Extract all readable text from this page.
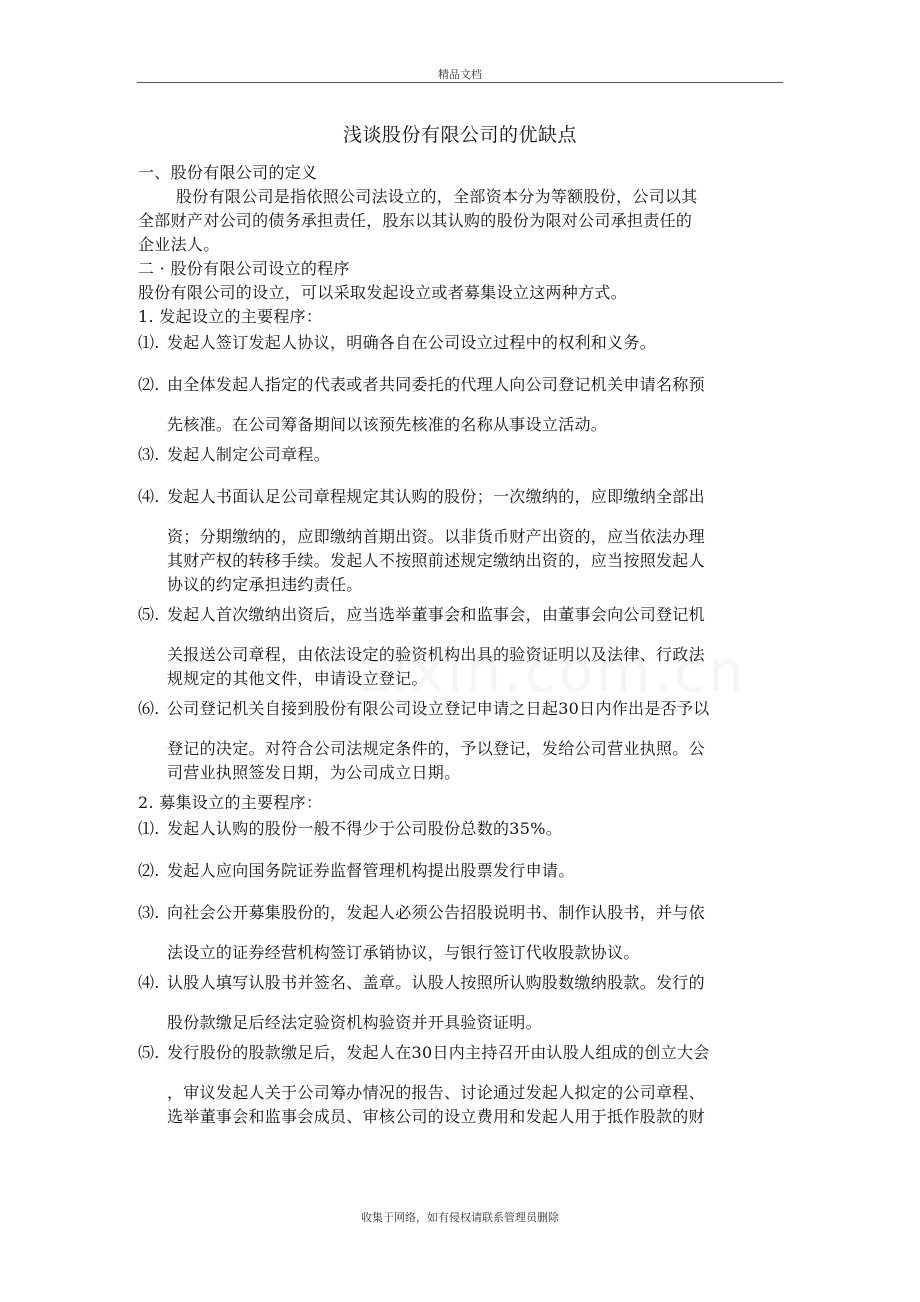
精品文档
浅谈股份有限公司的优缺点

一、股份有限公司的定义

股份有限公司是指依照公司法设立的，全部资本分为等额股份，公司以其

全部财产对公司的债务承担责任，股东以其认购的股份为限对公司承担责任的

企业法人。

二 · 股份有限公司设立的程序

股份有限公司的设立，可以采取发起设立或者募集设立这两种方式。

1. 发起设立的主要程序：

⑴. 发起人签订发起人协议，明确各自在公司设立过程中的权利和义务。
⑵. 由全体发起人指定的代表或者共同委托的代理人向公司登记机关申请名称预
先核准。在公司筹备期间以该预先核准的名称从事设立活动。
⑶. 发起人制定公司章程。
⑷. 发起人书面认足公司章程规定其认购的股份；一次缴纳的，应即缴纳全部出
资；分期缴纳的，应即缴纳首期出资。以非货币财产出资的，应当依法办理
其财产权的转移手续。发起人不按照前述规定缴纳出资的，应当按照发起人
协议的约定承担违约责任。
⑸. 发起人首次缴纳出资后，应当选举董事会和监事会，由董事会向公司登记机
关报送公司章程，由依法设定的验资机构出具的验资证明以及法律、行政法
规规定的其他文件，申请设立登记。
⑹. 公司登记机关自接到股份有限公司设立登记申请之日起30日内作出是否予以
登记的决定。对符合公司法规定条件的，予以登记，发给公司营业执照。公
司营业执照签发日期，为公司成立日期。

2. 募集设立的主要程序：

⑴. 发起人认购的股份一般不得少于公司股份总数的35%。
⑵. 发起人应向国务院证券监督管理机构提出股票发行申请。
⑶. 向社会公开募集股份的，发起人必须公告招股说明书、制作认股书，并与依
法设立的证券经营机构签订承销协议，与银行签订代收股款协议。
⑷. 认股人填写认股书并签名、盖章。认股人按照所认购股数缴纳股款。发行的
股份款缴足后经法定验资机构验资并开具验资证明。
⑸. 发行股份的股款缴足后，发起人在30日内主持召开由认股人组成的创立大会
，审议发起人关于公司筹办情况的报告、讨论通过发起人拟定的公司章程、
选举董事会和监事会成员、审核公司的设立费用和发起人用于抵作股款的财
收集于网络，如有侵权请联系管理员删除
